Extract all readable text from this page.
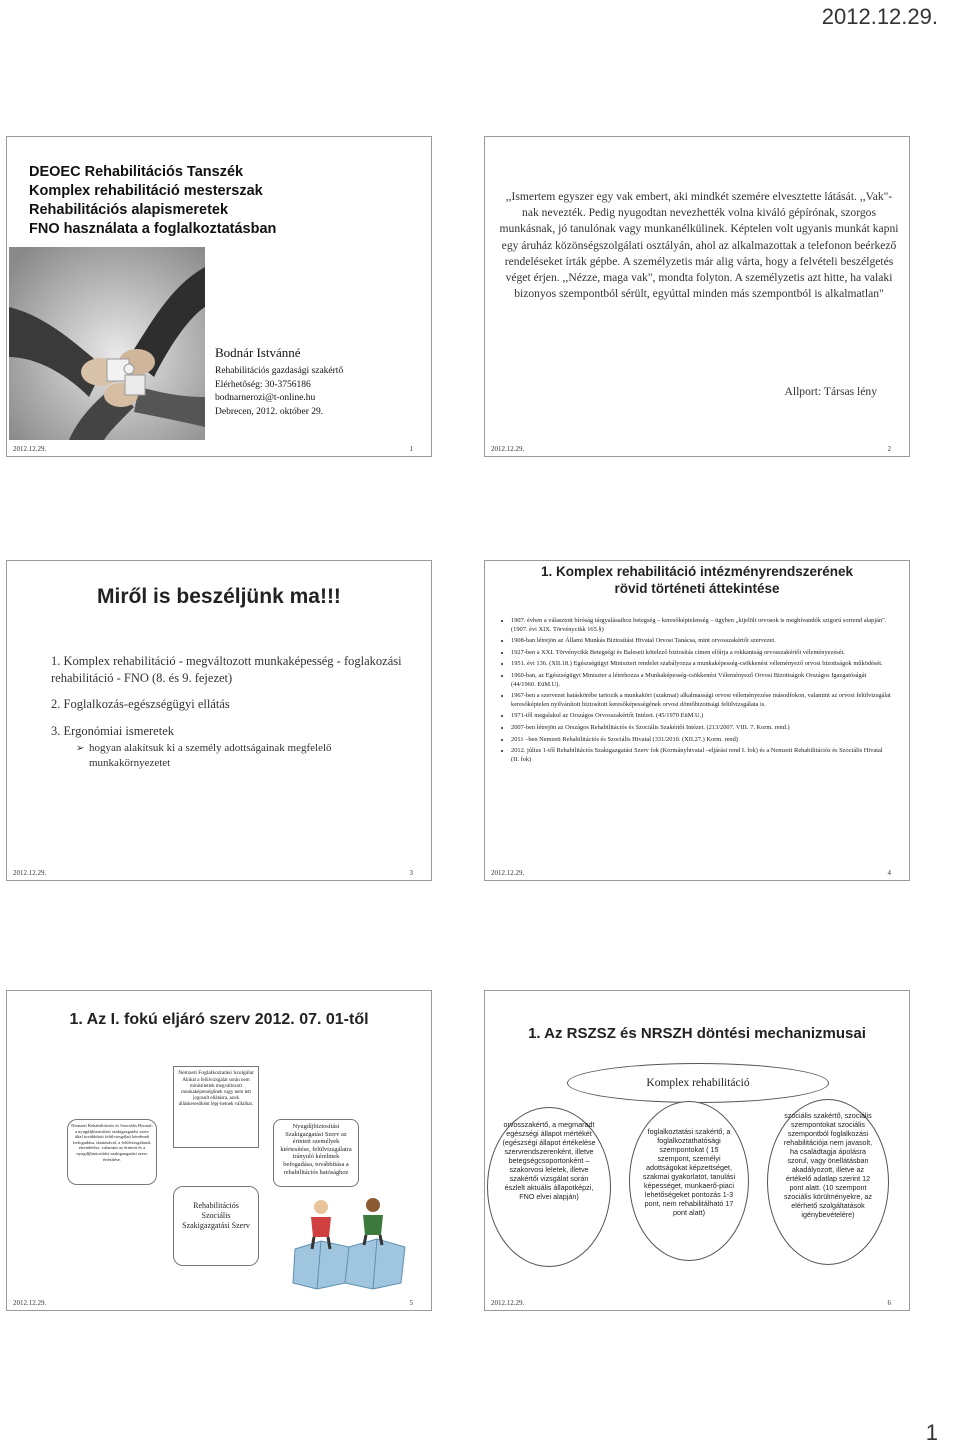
2012.12.29.
DEOEC Rehabilitációs Tanszék
Komplex rehabilitáció mesterszak
Rehabilitációs alapismeretek
FNO használata a foglalkoztatásban
Bodnár Istvánné
Rehabilitációs gazdasági szakértő
Elérhetőség: 30-3756186
bodnarnerozi@t-online.hu
Debrecen, 2012. október 29.
2012.12.29.	1
,,Ismertem egyszer egy vak embert, aki mindkét szemére elvesztette látását. ,,Vak"-nak nevezték. Pedig nyugodtan nevezhették volna kiváló gépírónak, szorgos munkásnak, jó tanulónak vagy munkanélkülinek. Képtelen volt ugyanis munkát kapni egy áruház közönségszolgálati osztályán, ahol az alkalmazottak a telefonon beérkező rendeléseket írták gépbe. A személyzetis már alig várta, hogy a felvételi beszélgetés véget érjen. ,,Nézze, maga vak", mondta folyton. A személyzetis azt hitte, ha valaki bizonyos szempontból sérült, egyúttal minden más szempontból is alkalmatlan"
Allport: Társas lény
2012.12.29.	2
Miről is beszéljünk ma!!!

1. Komplex rehabilitáció - megváltozott munkaképesség - foglakozási rehabilitáció - FNO (8. és 9. fejezet)

2. Foglalkozás-egészségügyi ellátás

3. Ergonómiai ismeretek

➢ hogyan alakítsuk ki a személy adottságainak megfelelő munkakörnyezetet
2012.12.29.	3
1. Komplex rehabilitáció intézményrendszerének
rövid történeti áttekintése
• 1907. évben a választott bíróság tárgyalásaihoz betegség – keresőképtelenség – ügyben „kijelölt orvosok is meghívandók szigorú sorrend alapján". (1907. évi XIX. Törvénycikk 165.§)
• 1908-ban létrejön az Állami Munkás Biztosítási Hivatal Orvosi Tanácsa, mint orvosszakértői szervezet.
• 1927-ben a XXI. Törvénycikk Betegségi és Baleseti kötelező biztosítás címen előírja a rokkantság orvosszakértői véleményezését.
• 1951. évi 136. (XII.18.) Egészségügyi Miniszteri rendelet szabályozza a munkaképesség-csökkenést véleményező orvosi bizottságok működését.
• 1960-ban, az Egészségügyi Miniszter a létrehozza a Munkaképesség-csökkenést Véleményező Orvosi Bizottságok Országos Igazgatóságát (44/1960. EüM.U).
• 1967-ben a szervezet hatáskörébe tartozik a munkaköri (szakmai) alkalmassági orvosi véleményezése másodfokon, valamint az orvosi felülvizsgálat keresőképtelen nyilvánított biztosított keresőképességének orvosi döntőbizottsági felülvizsgálata is.
• 1971-től megalakul az Országos Orvosszakértői Intézet. (45/1970 EüM.U.)
• 2007-ben létrejön az Országos Rehabilitációs és Szociális Szakértői Intézet. (213/2007. VIII. 7. Korm. rend.)
• 2011 –ben Nemzeti Rehabilitációs és Szociális Hivatal (331/2010. (XII.27.) Korm. rend)
• 2012. július 1-től Rehabilitációs Szakigazgatási Szerv fok (Kormányhivatal –eljárási rend I. fok) és a Nemzeti Rehabilitációs és Szociális Hivatal (II. fok)
2012.12.29.	4
1. Az I. fokú eljáró szerv 2012. 07. 01-től
Nemzeti Foglalkoztatási Szolgálat
Akikat a felülvizsgálat során nem minősítettek megváltozott munkaképességűnek vagy nem lett jogosult ellátásra, azok álláskeresőként lépj-hetnek vállalhat.
Nemzeti Rehabilitációs és Szociális Hivatal: a nyugdíjbiztosítási szakigazgatási szerv által továbbított felülvizsgálati kérelmek befogadása, iktatásával, a felülvizsgálatok elrendelése, valamint az érintett és a nyugdíjbiztosítási szakigazgatási szerv értesítése.
Nyugdíjbiztosítási Szakigazgatási Szerv az érintett személyek kiértesítése, felülvizsgálatra irányuló kérelmek befogadása, továbbítása a rehabilitációs hatósághoz
Rehabilitációs Szociális Szakigazgatási Szerv
2012.12.29.	5
1. Az RSZSZ és NRSZH döntési mechanizmusai
Komplex rehabilitáció
orvosszakértő, a megmaradt egészségi állapot mértékét (egészségi állapot értékelése szervrendszerenként, illetve betegségcsoportonként – szakorvosi leletek, illetve szakértői vizsgálat során észlelt aktuális állapotképzi, FNO elvei alapján)
foglalkoztatási szakértő, a foglalkoztathatósági szempontokat ( 15 szempont, személyi adottságokat képzettséget, szakmai gyakorlatot, tanulási képességet, munkaerő-piaci lehetőségeket pontozás 1-3 pont, nem rehabilitálható 17 pont alatt)
szociális szakértő, szociális szempontokat szociális szempontból foglalkozási rehabilitációja nem javasolt, ha családtagja ápolásra szorul, vagy önellátásban akadályozott, illetve az értékelő adatlap szerint 12 pont alatt. (10 szempont szociális körülményekre, az elérhető szolgáltatások igénybevételére)
2012.12.29.	6
1
